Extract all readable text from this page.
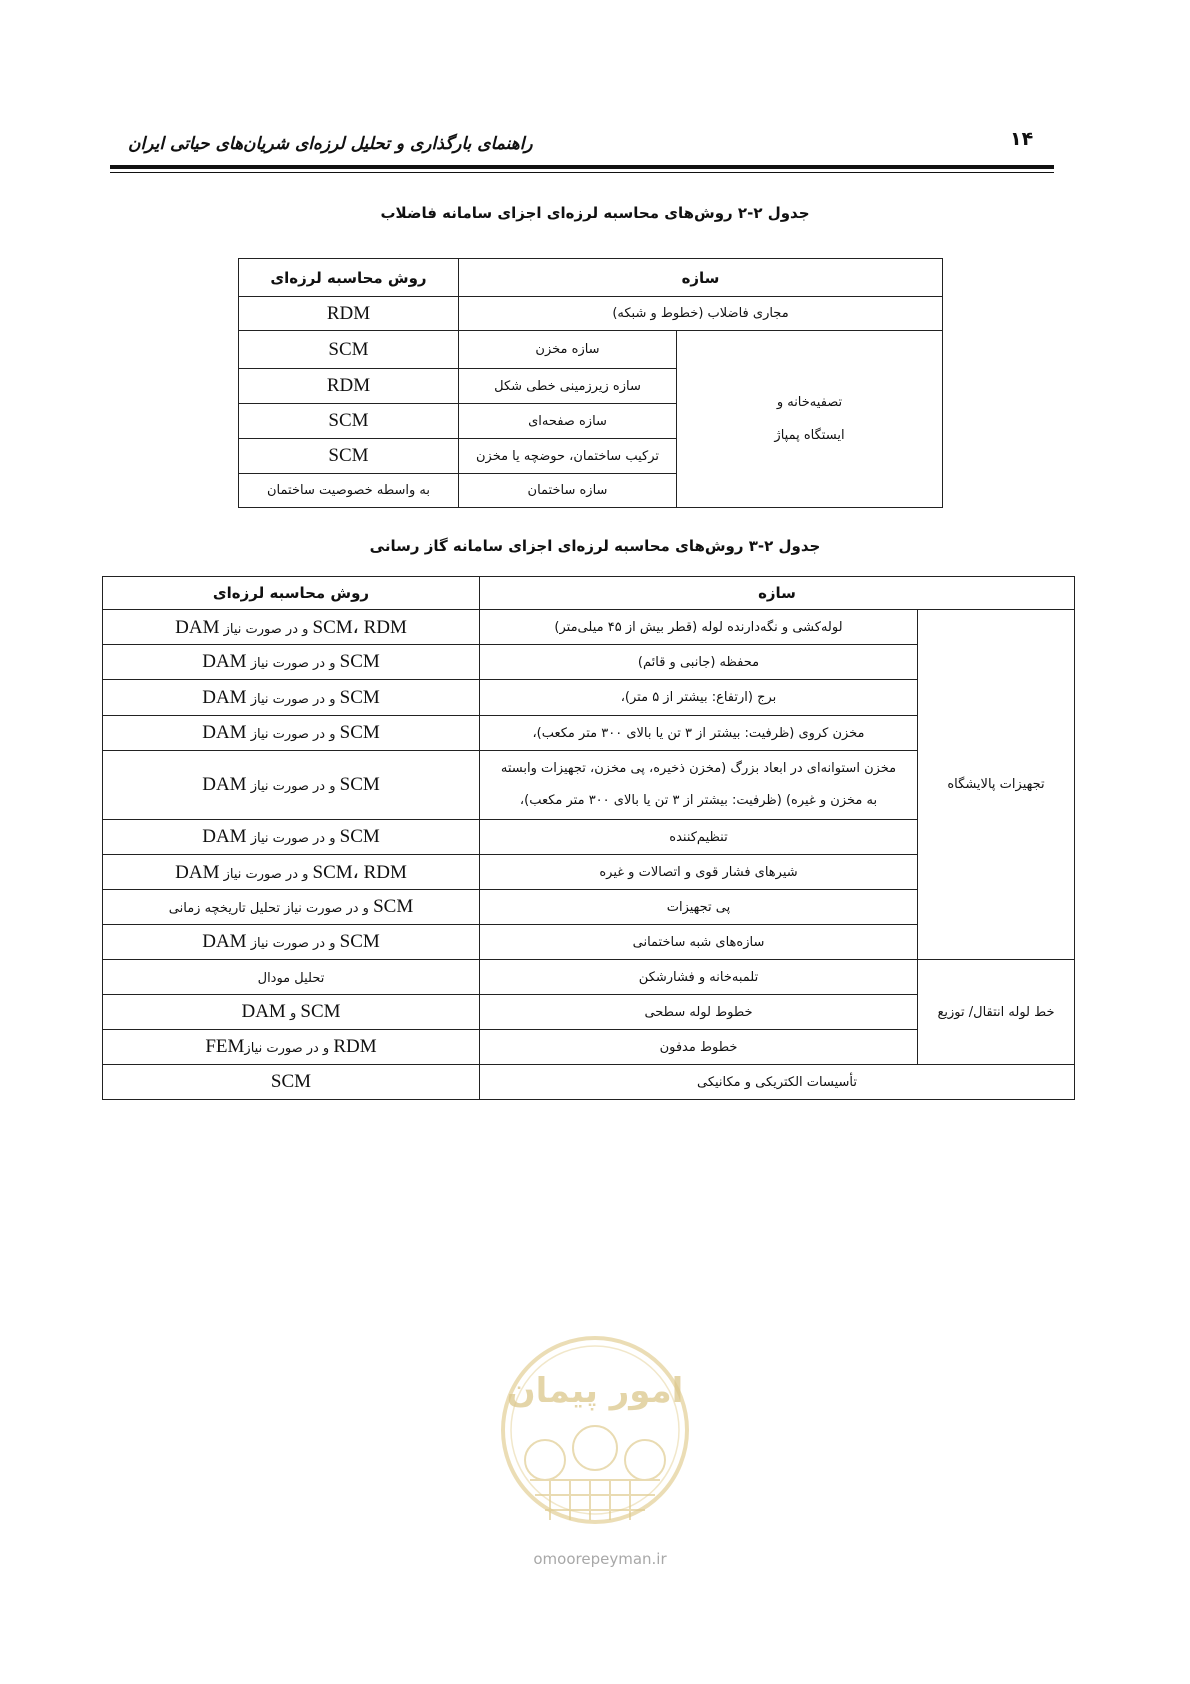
راهنمای بارگذاری و تحلیل لرزه‌ای شریان‌های حیاتی ایران	۱۴
جدول ۲-۲ روش‌های محاسبه لرزه‌ای اجزای سامانه فاضلاب
سازه		روش محاسبه لرزه‌ای
مجاری فاضلاب (خطوط و شبکه)		RDM
تصفیه‌خانه و
ایستگاه پمپاژ	سازه مخزن	SCM
	سازه زیرزمینی خطی شکل	RDM
	سازه صفحه‌ای	SCM
	ترکیب ساختمان، حوضچه یا مخزن	SCM
	سازه ساختمان	به واسطه خصوصیت ساختمان
جدول ۲-۳ روش‌های محاسبه لرزه‌ای اجزای سامانه گاز رسانی
سازه		روش محاسبه لرزه‌ای
تجهیزات پالایشگاه	لوله‌کشی و نگه‌دارنده لوله (قطر بیش از ۴۵ میلی‌متر)	SCM، RDM و در صورت نیاز DAM
	محفظه (جانبی و قائم)	SCM و در صورت نیاز DAM
	برج (ارتفاع: بیشتر از ۵ متر)،	SCM و در صورت نیاز DAM
	مخزن کروی (ظرفیت: بیشتر از ۳ تن یا بالای ۳۰۰ متر مکعب)،	SCM و در صورت نیاز DAM
	مخزن استوانه‌ای در ابعاد بزرگ (مخزن ذخیره، پی مخزن، تجهیزات وابسته
به مخزن و غیره) (ظرفیت: بیشتر از ۳ تن یا بالای ۳۰۰ متر مکعب)،	SCM و در صورت نیاز DAM
	تنظیم‌کننده	SCM و در صورت نیاز DAM
	شیرهای فشار قوی و اتصالات و غیره	SCM، RDM و در صورت نیاز DAM
	پی تجهیزات	SCM و در صورت نیاز تحلیل تاریخچه زمانی
	سازه‌های شبه ساختمانی	SCM و در صورت نیاز DAM
خط لوله انتقال/ توزیع	تلمبه‌خانه و فشارشکن	تحلیل مودال
	خطوط لوله سطحی	SCM و DAM
	خطوط مدفون	RDM و در صورت نیازFEM
تأسیسات الکتریکی و مکانیکی		SCM
امور پیمان
omoorepeyman.ir
